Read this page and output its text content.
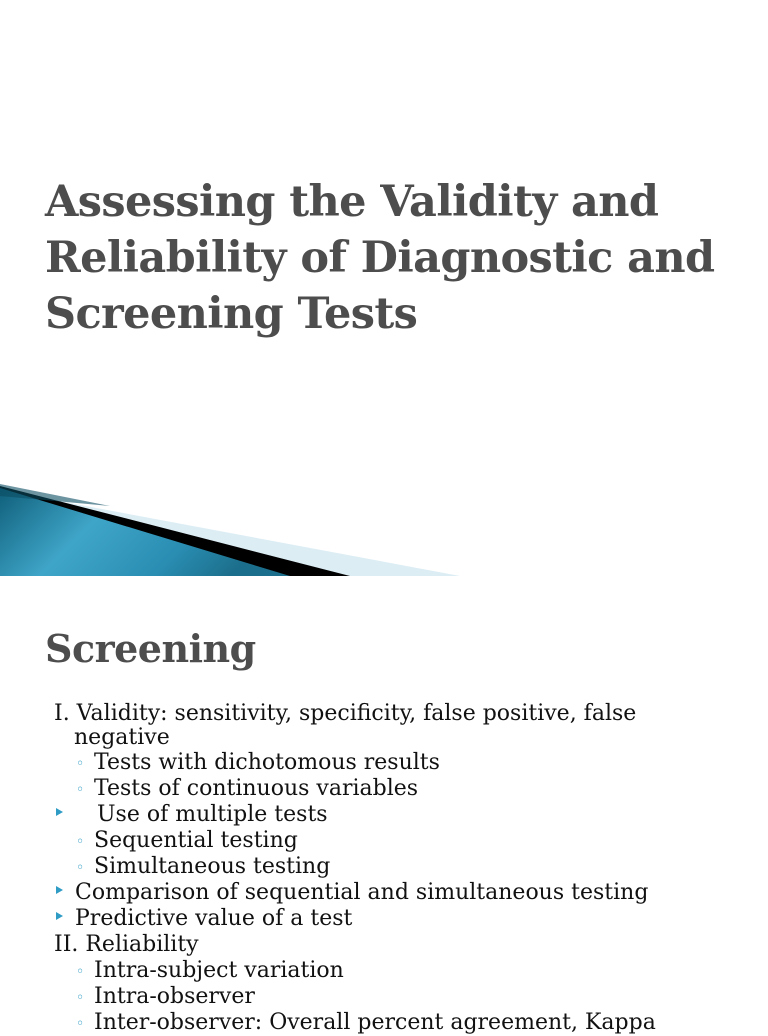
Assessing the Validity and
Reliability of Diagnostic and
Screening Tests
Screening
I. Validity: sensitivity, specificity, false positive, false
negative
◦ Tests with dichotomous results
◦ Tests of continuous variables
Use of multiple tests
◦ Sequential testing
◦ Simultaneous testing
Comparison of sequential and simultaneous testing
Predictive value of a test
II. Reliability
◦ Intra-subject variation
◦ Intra-observer
◦ Inter-observer: Overall percent agreement, Kappa
